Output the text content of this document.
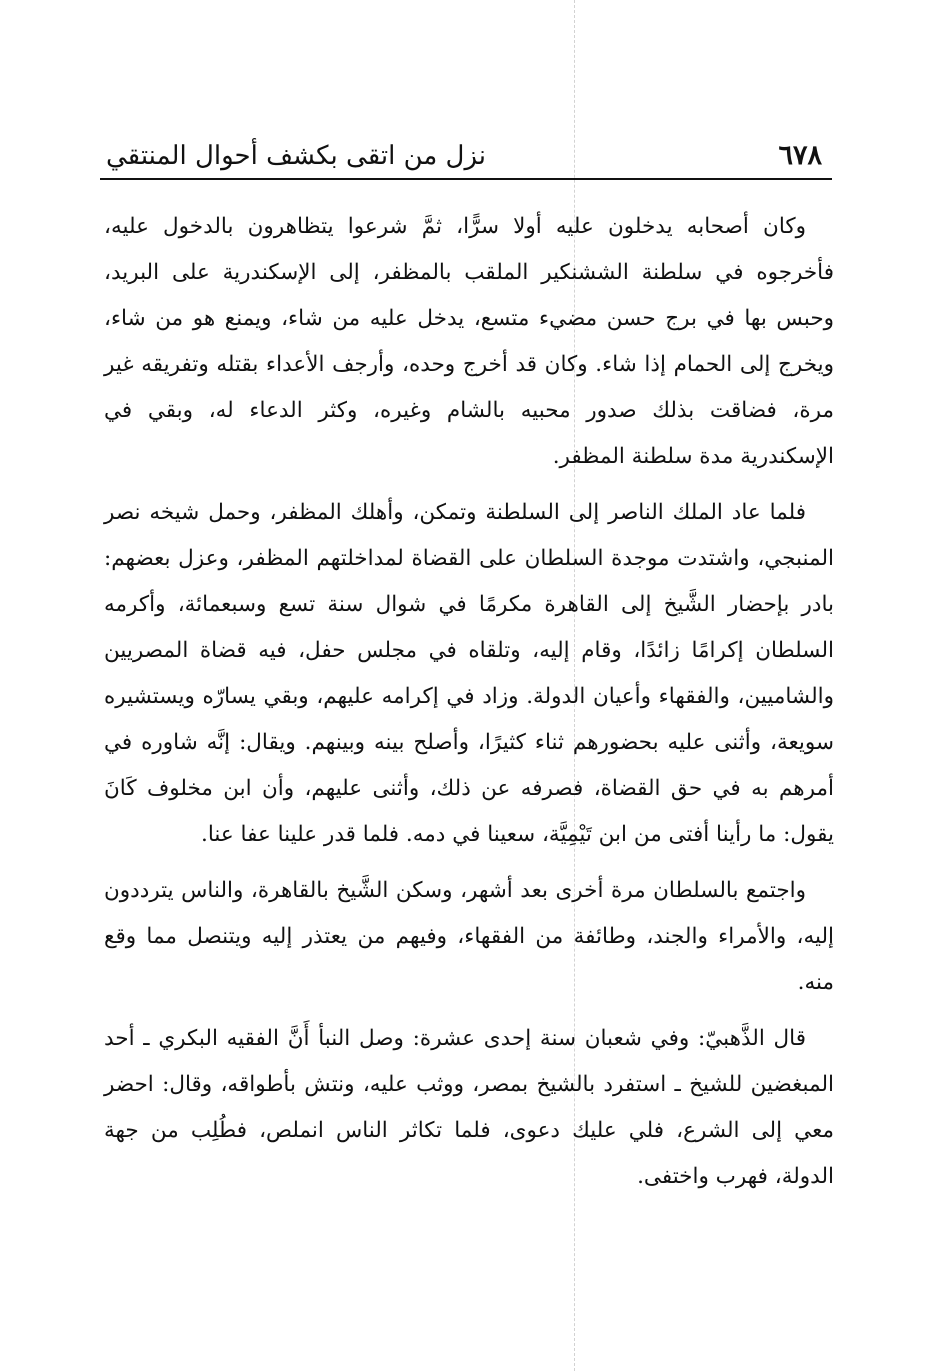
٦٧٨
نزل من اتقى بكشف أحوال المنتقي

وكان أصحابه يدخلون عليه أولا سرًّا، ثمَّ شرعوا يتظاهرون بالدخول عليه، فأخرجوه في سلطنة الششنكير الملقب بالمظفر، إلى الإسكندرية على البريد، وحبس بها في برج حسن مضيء متسع، يدخل عليه من شاء، ويمنع هو من شاء، ويخرج إلى الحمام إذا شاء. وكان قد أخرج وحده، وأرجف الأعداء بقتله وتفريقه غير مرة، فضاقت بذلك صدور محبيه بالشام وغيره، وكثر الدعاء له، وبقي في الإسكندرية مدة سلطنة المظفر.

فلما عاد الملك الناصر إلى السلطنة وتمكن، وأهلك المظفر، وحمل شيخه نصر المنبجي، واشتدت موجدة السلطان على القضاة لمداخلتهم المظفر، وعزل بعضهم: بادر بإحضار الشَّيخ إلى القاهرة مكرمًا في شوال سنة تسع وسبعمائة، وأكرمه السلطان إكرامًا زائدًا، وقام إليه، وتلقاه في مجلس حفل، فيه قضاة المصريين والشاميين، والفقهاء وأعيان الدولة. وزاد في إكرامه عليهم، وبقي يسارّه ويستشيره سويعة، وأثنى عليه بحضورهم ثناء كثيرًا، وأصلح بينه وبينهم. ويقال: إنَّه شاوره في أمرهم به في حق القضاة، فصرفه عن ذلك، وأثنى عليهم، وأن ابن مخلوف كَانَ يقول: ما رأينا أفتى من ابن تَيْمِيَّة، سعينا في دمه. فلما قدر علينا عفا عنا.

واجتمع بالسلطان مرة أخرى بعد أشهر، وسكن الشَّيخ بالقاهرة، والناس يترددون إليه، والأمراء والجند، وطائفة من الفقهاء، وفيهم من يعتذر إليه ويتنصل مما وقع منه.

قال الذَّهبيّ: وفي شعبان سنة إحدى عشرة: وصل النبأ أَنَّ الفقيه البكري ـ أحد المبغضين للشيخ ـ استفرد بالشيخ بمصر، ووثب عليه، ونتش بأطواقه، وقال: احضر معي إلى الشرع، فلي عليك دعوى، فلما تكاثر الناس انملص، فطُلِب من جهة الدولة، فهرب واختفى.
